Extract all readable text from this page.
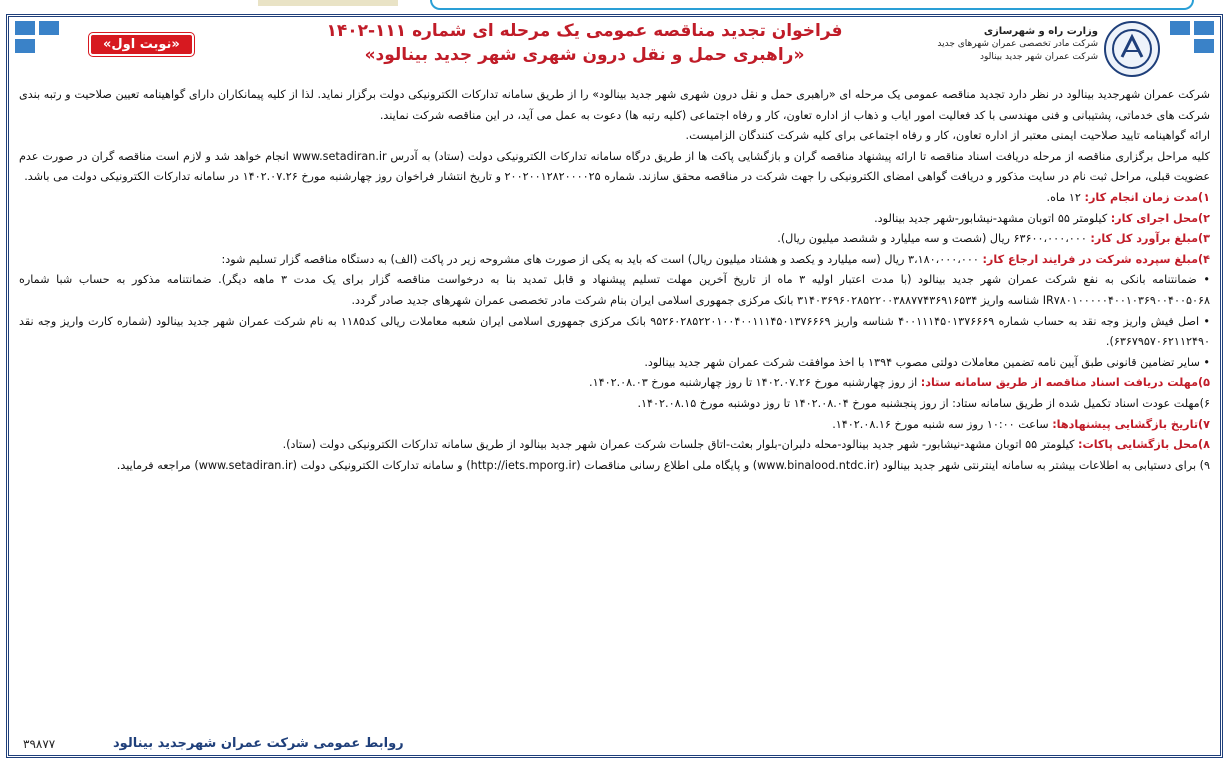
وزارت راه و شهرسازی
شرکت مادر تخصصی عمران شهرهای جدید
شرکت عمران شهر جدید بینالود
فراخوان تجدید مناقصه عمومی یک مرحله ای شماره ۱۱۱-۱۴۰۲
«راهبری حمل و نقل درون شهری شهر جدید بینالود»
«نوبت اول»

شرکت عمران شهرجدید بینالود در نظر دارد تجدید مناقصه عمومی یک مرحله ای «راهبری حمل و نقل درون شهری شهر جدید بینالود» را از طریق سامانه تدارکات الکترونیکی دولت برگزار نماید. لذا از کلیه پیمانکاران دارای گواهینامه تعیین صلاحیت و رتبه بندی شرکت های خدماتی، پشتیبانی و فنی مهندسی با کد فعالیت امور ایاب و ذهاب از اداره تعاون، کار و رفاه اجتماعی (کلیه رتبه ها) دعوت به عمل می آید، در این مناقصه شرکت نمایند.

ارائه گواهینامه تایید صلاحیت ایمنی معتبر از اداره تعاون، کار و رفاه اجتماعی برای کلیه شرکت کنندگان الزامیست.

کلیه مراحل برگزاری مناقصه از مرحله دریافت اسناد مناقصه تا ارائه پیشنهاد مناقصه گران و بازگشایی پاکت ها از طریق درگاه سامانه تدارکات الکترونیکی دولت (ستاد) به آدرس www.setadiran.ir انجام خواهد شد و لازم است مناقصه گران در صورت عدم عضویت قبلی، مراحل ثبت نام در سایت مذکور و دریافت گواهی امضای الکترونیکی را جهت شرکت در مناقصه محقق سازند. شماره ۲۰۰۲۰۰۱۲۸۲۰۰۰۰۲۵ و تاریخ انتشار فراخوان روز چهارشنبه مورخ ۱۴۰۲.۰۷.۲۶ در سامانه تدارکات الکترونیکی دولت می باشد.

۱)مدت زمان انجام کار: ۱۲ ماه.

۲)محل اجرای کار: کیلومتر ۵۵ اتوبان مشهد-نیشابور-شهر جدید بینالود.

۳)مبلغ برآورد کل کار: ۶۳۶۰۰،۰۰۰،۰۰۰ ریال (شصت و سه میلیارد و ششصد میلیون ریال).

۴)مبلغ سپرده شرکت در فرایند ارجاع کار: ۳،۱۸۰،۰۰۰،۰۰۰ ریال (سه میلیارد و یکصد و هشتاد میلیون ریال) است که باید به یکی از صورت های مشروحه زیر در پاکت (الف) به دستگاه مناقصه گزار تسلیم شود:

• ضمانتنامه بانکی به نفع شرکت عمران شهر جدید بینالود (با مدت اعتبار اولیه ۳ ماه از تاریخ آخرین مهلت تسلیم پیشنهاد و قابل تمدید بنا به درخواست مناقصه گزار برای یک مدت ۳ ماهه دیگر). ضمانتنامه مذکور به حساب شبا شماره IR۷۸۰۱۰۰۰۰۰۴۰۰۱۰۳۶۹۰۰۴۰۰۵۰۶۸ شناسه واریز ۳۱۴۰۳۶۹۶۰۲۸۵۲۲۰۰۳۸۸۷۷۴۳۶۹۱۶۵۳۴ بانک مرکزی جمهوری اسلامی ایران بنام شرکت مادر تخصصی عمران شهرهای جدید صادر گردد.

• اصل فیش واریز وجه نقد به حساب شماره ۴۰۰۱۱۱۴۵۰۱۳۷۶۶۶۹ شناسه واریز ۹۵۲۶۰۲۸۵۲۲۰۱۰۰۴۰۰۱۱۱۴۵۰۱۳۷۶۶۶۹ بانک مرکزی جمهوری اسلامی ایران شعبه معاملات ریالی کد۱۱۸۵ به نام شرکت عمران شهر جدید بینالود (شماره کارت واریز وجه نقد ۶۳۶۷۹۵۷۰۶۲۱۱۲۴۹۰).

• سایر تضامین قانونی طبق آیین نامه تضمین معاملات دولتی مصوب ۱۳۹۴ با اخذ موافقت شرکت عمران شهر جدید بینالود.

۵)مهلت دریافت اسناد مناقصه از طریق سامانه ستاد: از روز چهارشنبه مورخ ۱۴۰۲.۰۷.۲۶ تا روز چهارشنبه مورخ ۱۴۰۲.۰۸.۰۳.

۶)مهلت عودت اسناد تکمیل شده از طریق سامانه ستاد: از روز پنجشنبه مورخ ۱۴۰۲.۰۸.۰۴ تا روز دوشنبه مورخ ۱۴۰۲.۰۸.۱۵.

۷)تاریخ بازگشایی پیشنهادها: ساعت ۱۰:۰۰ روز سه شنبه مورخ ۱۴۰۲.۰۸.۱۶.

۸)محل بازگشایی پاکات: کیلومتر ۵۵ اتوبان مشهد-نیشابور- شهر جدید بینالود-محله دلبران-بلوار بعثت-اتاق جلسات شرکت عمران شهر جدید بینالود از طریق سامانه تدارکات الکترونیکی دولت (ستاد).

۹) برای دستیابی به اطلاعات بیشتر به سامانه اینترنتی شهر جدید بینالود (www.binalood.ntdc.ir) و پایگاه ملی اطلاع رسانی مناقصات (http://iets.mporg.ir) و سامانه تدارکات الکترونیکی دولت (www.setadiran.ir) مراجعه فرمایید.

روابط عمومی شرکت عمران شهرجدید بینالود
۳۹۸۷۷
